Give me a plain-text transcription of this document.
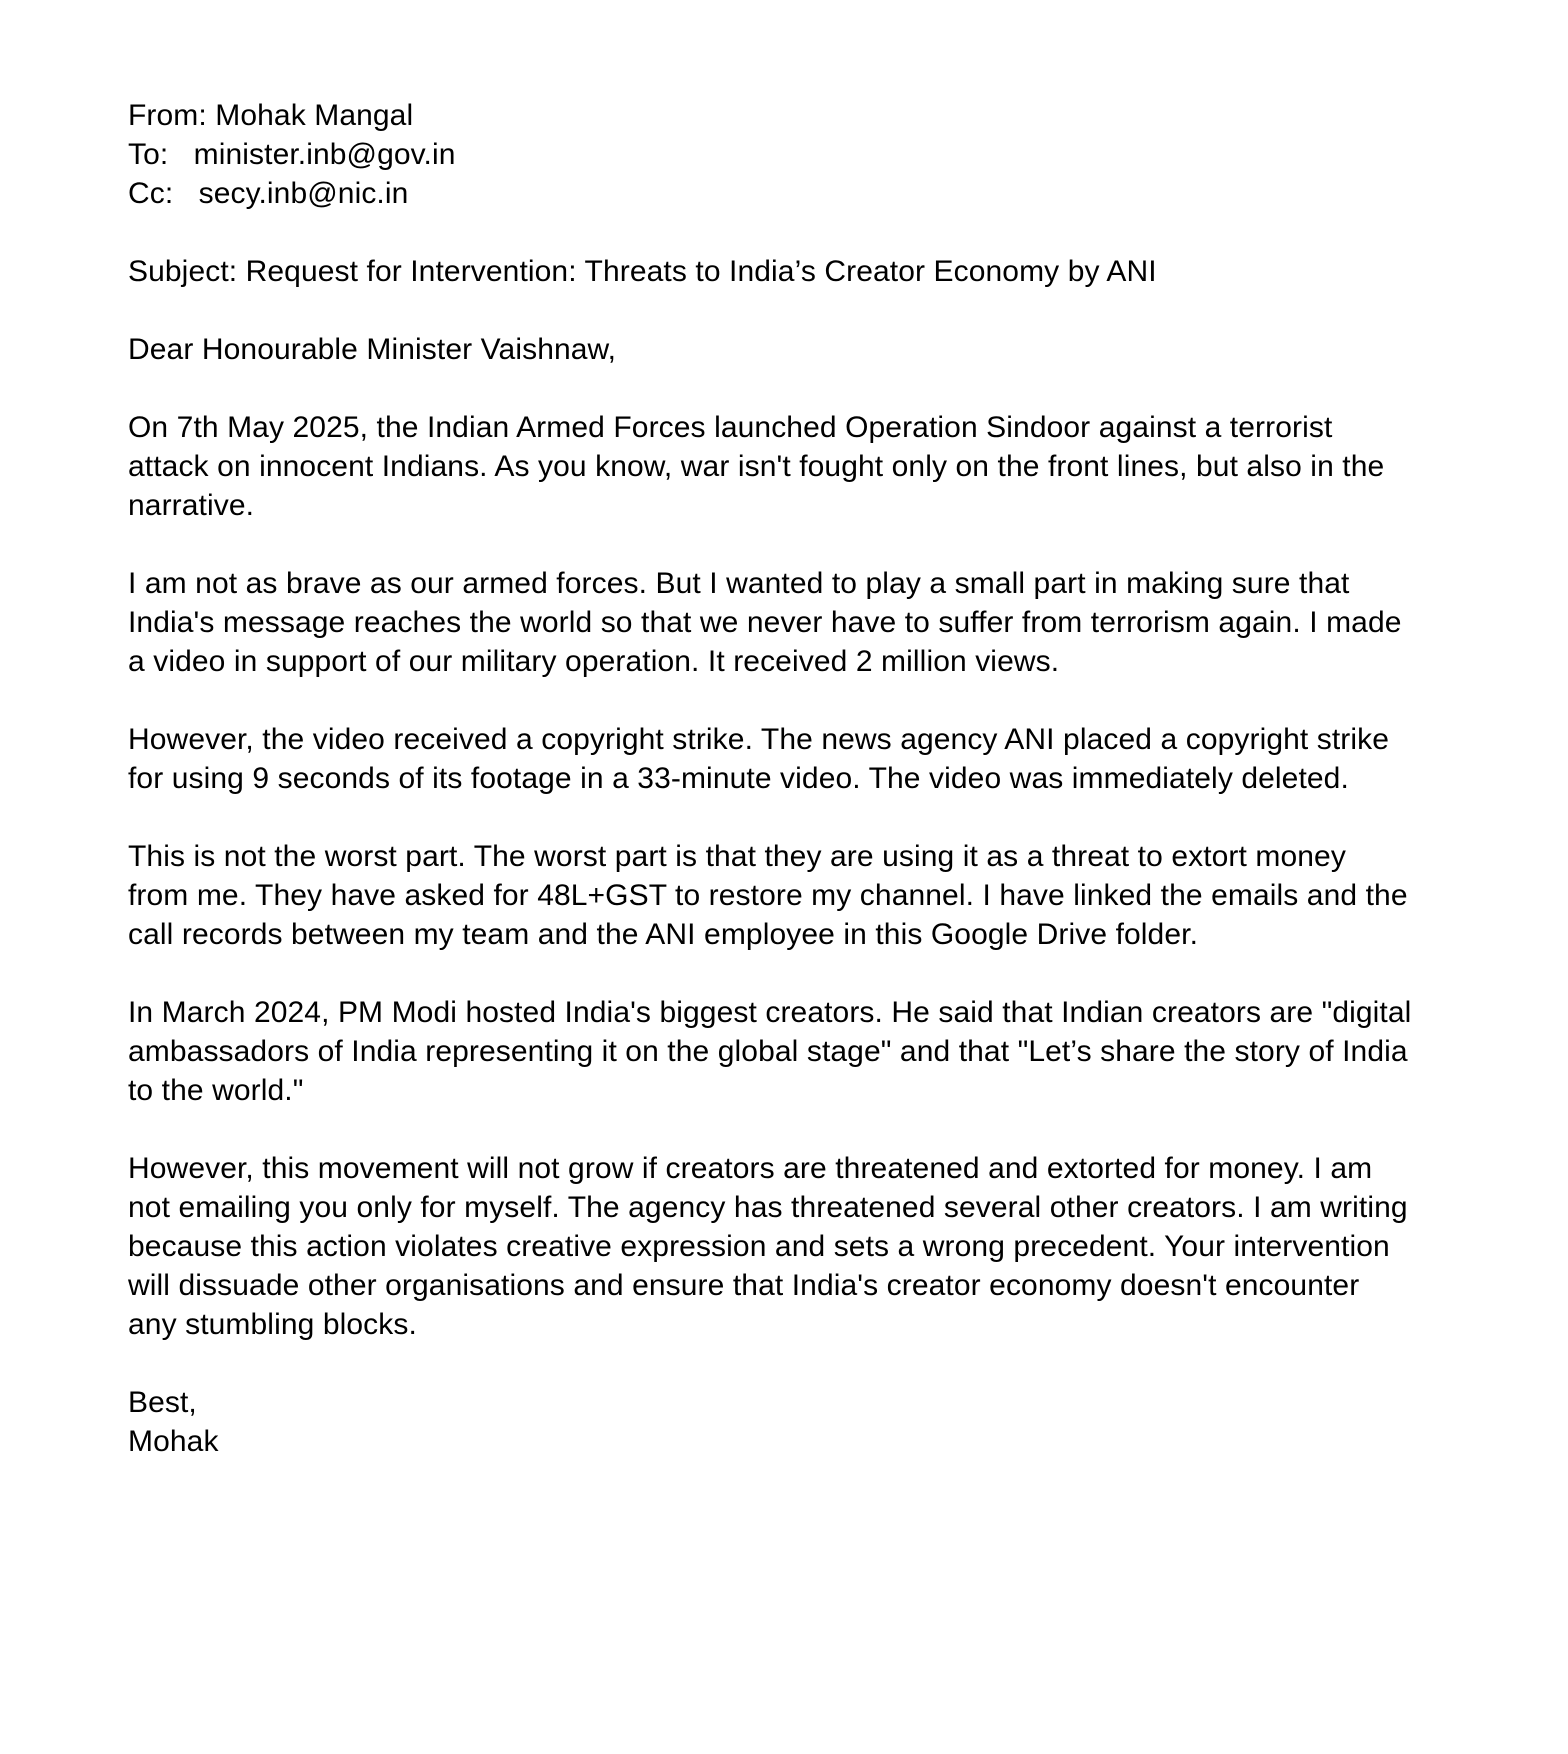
From: Mohak Mangal
To:   minister.inb@gov.in
Cc:   secy.inb@nic.in
Subject: Request for Intervention: Threats to India’s Creator Economy by ANI
Dear Honourable Minister Vaishnaw,
On 7th May 2025, the Indian Armed Forces launched Operation Sindoor against a terrorist
attack on innocent Indians. As you know, war isn't fought only on the front lines, but also in the
narrative.
I am not as brave as our armed forces. But I wanted to play a small part in making sure that
India's message reaches the world so that we never have to suffer from terrorism again. I made
a video in support of our military operation. It received 2 million views.
However, the video received a copyright strike. The news agency ANI placed a copyright strike
for using 9 seconds of its footage in a 33-minute video. The video was immediately deleted.
This is not the worst part. The worst part is that they are using it as a threat to extort money
from me. They have asked for 48L+GST to restore my channel. I have linked the emails and the
call records between my team and the ANI employee in this Google Drive folder.
In March 2024, PM Modi hosted India's biggest creators. He said that Indian creators are "digital
ambassadors of India representing it on the global stage" and that "Let’s share the story of India
to the world."
However, this movement will not grow if creators are threatened and extorted for money. I am
not emailing you only for myself. The agency has threatened several other creators. I am writing
because this action violates creative expression and sets a wrong precedent. Your intervention
will dissuade other organisations and ensure that India's creator economy doesn't encounter
any stumbling blocks.
Best,
Mohak
